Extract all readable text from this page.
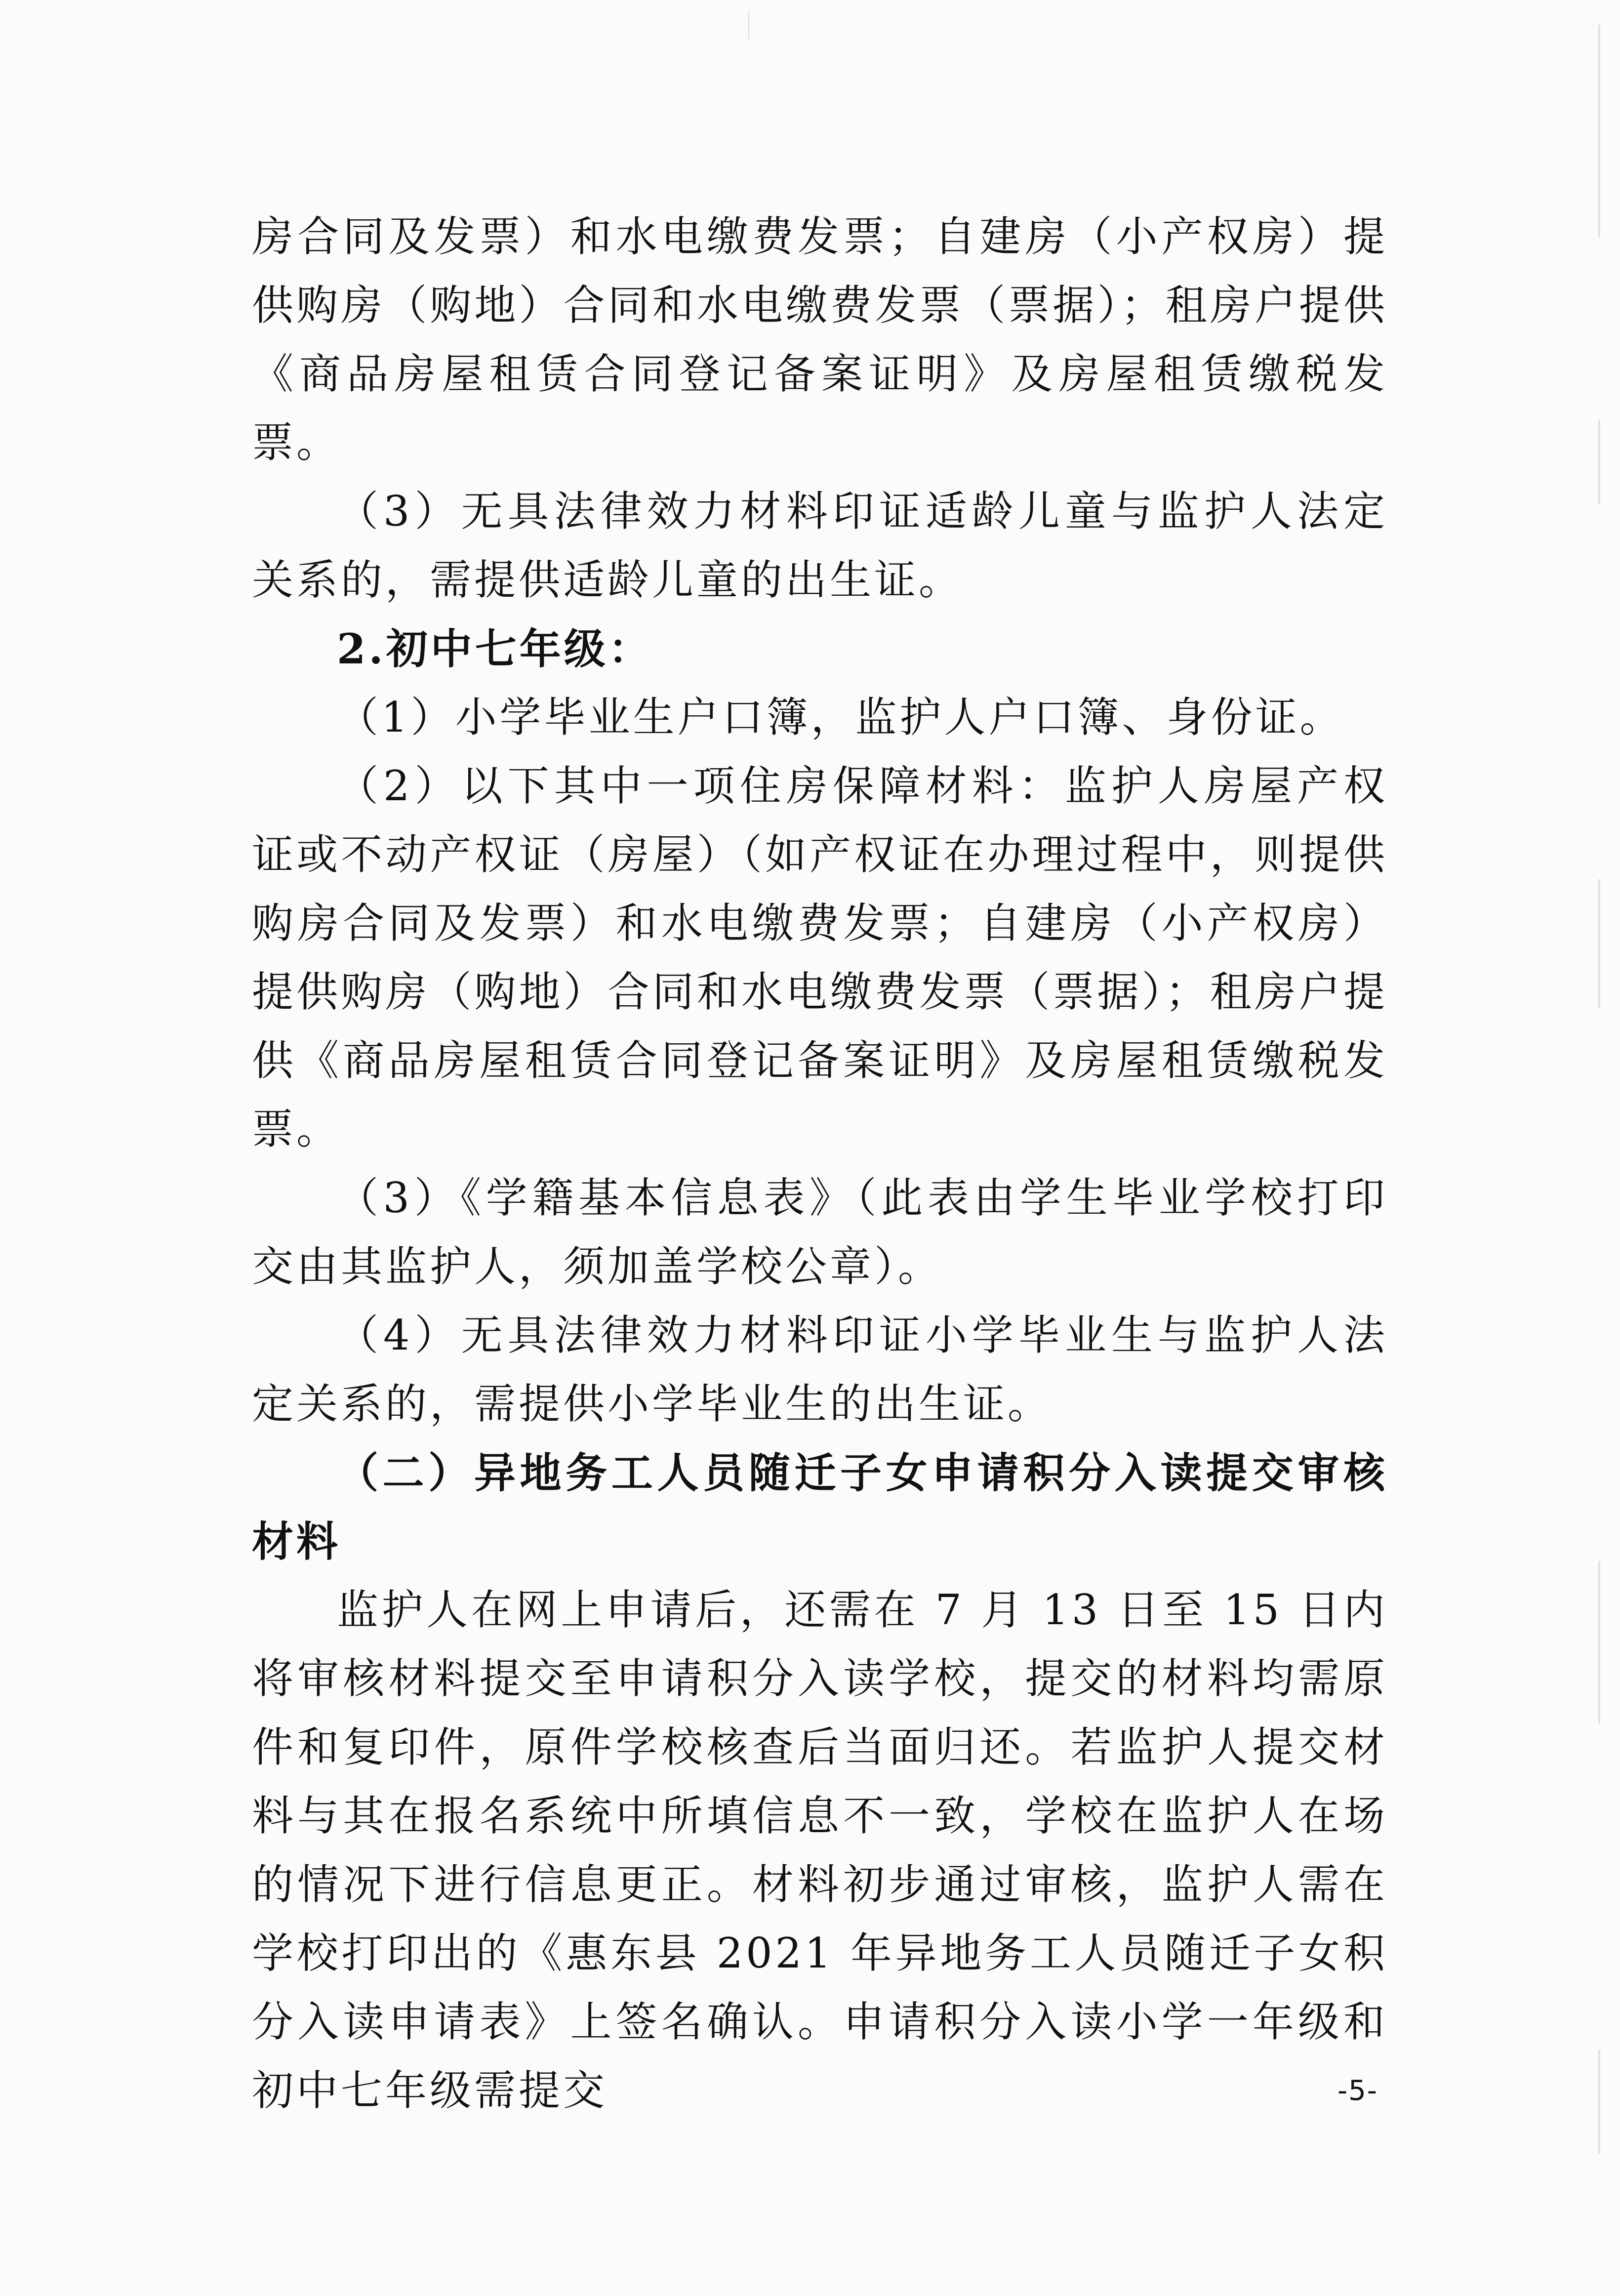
房合同及发票）和水电缴费发票；自建房（小产权房）提供购房（购地）合同和水电缴费发票（票据）；租房户提供《商品房屋租赁合同登记备案证明》及房屋租赁缴税发票。

（3）无具法律效力材料印证适龄儿童与监护人法定关系的，需提供适龄儿童的出生证。

2.初中七年级：

（1）小学毕业生户口簿，监护人户口簿、身份证。

（2）以下其中一项住房保障材料：监护人房屋产权证或不动产权证（房屋）（如产权证在办理过程中，则提供购房合同及发票）和水电缴费发票；自建房（小产权房）提供购房（购地）合同和水电缴费发票（票据）；租房户提供《商品房屋租赁合同登记备案证明》及房屋租赁缴税发票。

（3）《学籍基本信息表》（此表由学生毕业学校打印交由其监护人，须加盖学校公章）。

（4）无具法律效力材料印证小学毕业生与监护人法定关系的，需提供小学毕业生的出生证。

（二）异地务工人员随迁子女申请积分入读提交审核材料

监护人在网上申请后，还需在 7 月 13 日至 15 日内将审核材料提交至申请积分入读学校，提交的材料均需原件和复印件，原件学校核查后当面归还。若监护人提交材料与其在报名系统中所填信息不一致，学校在监护人在场的情况下进行信息更正。材料初步通过审核，监护人需在学校打印出的《惠东县 2021 年异地务工人员随迁子女积分入读申请表》上签名确认。申请积分入读小学一年级和初中七年级需提交	-5-
